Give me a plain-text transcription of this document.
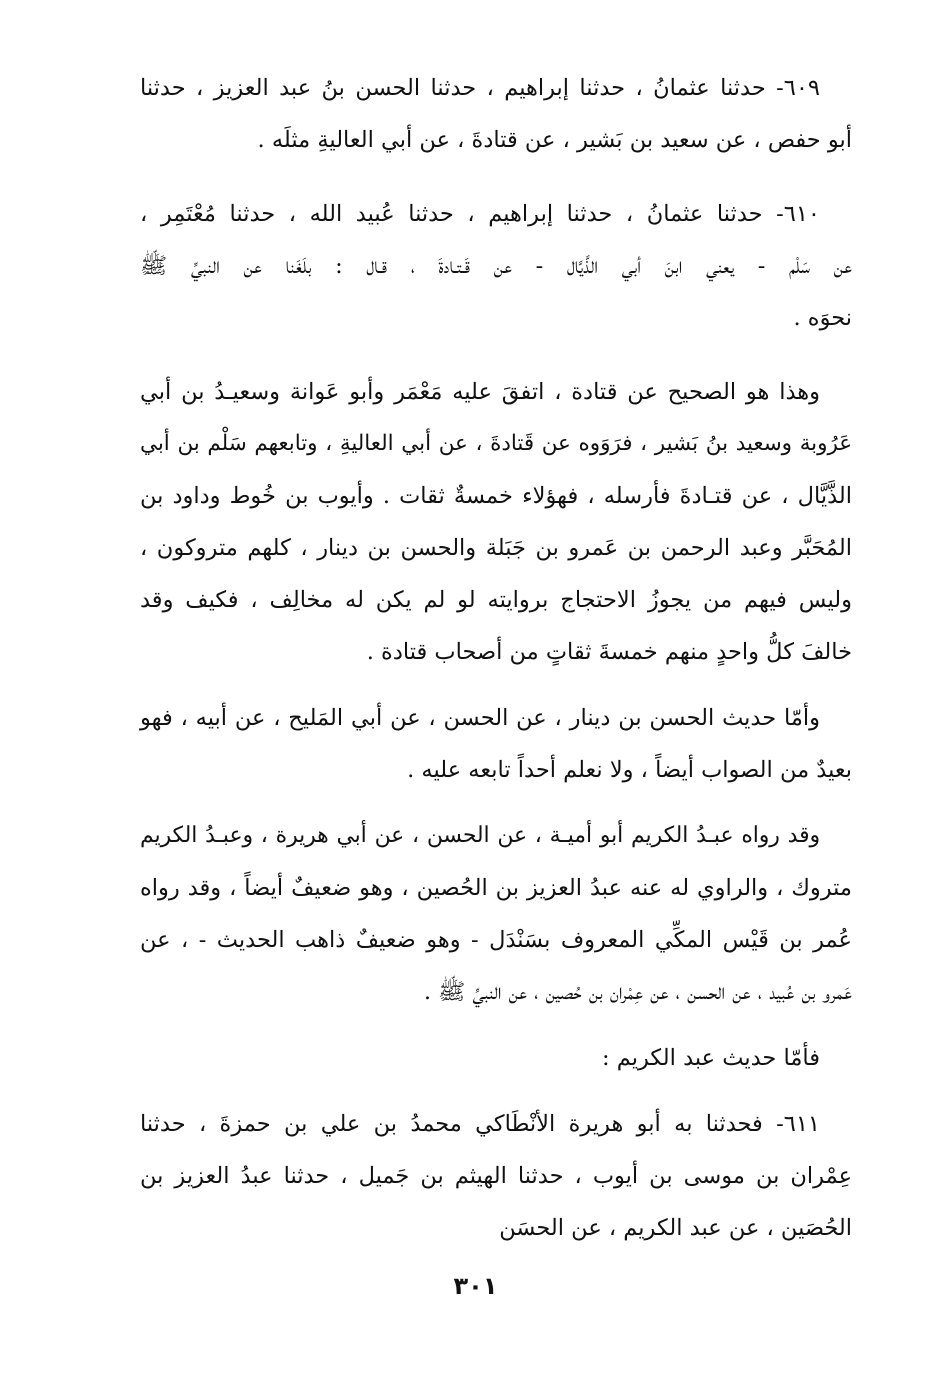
٦٠٩- حدثنا عثمانُ ، حدثنا إبراهيم ، حدثنا الحسن بنُ عبد العزيز ، حدثنا
أبو حفص ، عن سعيد بن بَشير ، عن قتادةَ ، عن أبي العاليةِ مثلَه .
٦١٠- حدثنا عثمانُ ، حدثنا إبراهيم ، حدثنا عُبيد الله ، حدثنا مُعْتَمِر ،
عن سَلْم - يعني ابنَ أبي الذَّيَّال - عن قَـتـادةَ ، قـال : بلَغَنا عن النبيِّ ﷺ
نحوَه .
وهذا هو الصحيح عن قتادة ، اتفقَ عليه مَعْمَر وأبو عَوانة وسعيـدُ بن أبي
عَرُوبة وسعيد بنُ بَشير ، فرَوَوه عن قَتادةَ ، عن أبي العاليةِ ، وتابعهم سَلْم بن أبي
الذَّيَّال ، عن قتـادةَ فأرسله ، فهؤلاء خمسةٌ ثقات . وأيوب بن خُوط وداود بن
المُحَبَّر وعبد الرحمن بن عَمرو بن جَبَلة والحسن بن دينار ، كلهم متروكون ،
وليس فيهم من يجوزُ الاحتجاج بروايته لو لم يكن له مخالِف ، فكيف وقد
خالفَ كلُّ واحدٍ منهم خمسةَ ثقاتٍ من أصحاب قتادة .
وأمّا حديث الحسن بن دينار ، عن الحسن ، عن أبي المَليح ، عن أبيه ، فهو
بعيدٌ من الصواب أيضاً ، ولا نعلم أحداً تابعه عليه .
وقد رواه عبـدُ الكريم أبو أميـة ، عن الحسن ، عن أبي هريرة ، وعبـدُ الكريم
متروك ، والراوي له عنه عبدُ العزيز بن الحُصين ، وهو ضعيفٌ أيضاً ، وقد رواه
عُمر بن قَيْس المكِّي المعروف بسَنْدَل - وهو ضعيفٌ ذاهب الحديث - ، عن
عَمرو بن عُبيد ، عن الحسن ، عن عِمْران بن حُصين ، عن النبيِّ ﷺ .
فأمّا حديث عبد الكريم :
٦١١- فحدثنا به أبو هريرة الأنْطَاكي محمدُ بن علي بن حمزةَ ، حدثنا
عِمْران بن موسى بن أيوب ، حدثنا الهيثم بن جَميل ، حدثنا عبدُ العزيز بن
الحُصَين ، عن عبد الكريم ، عن الحسَن
٣٠١
